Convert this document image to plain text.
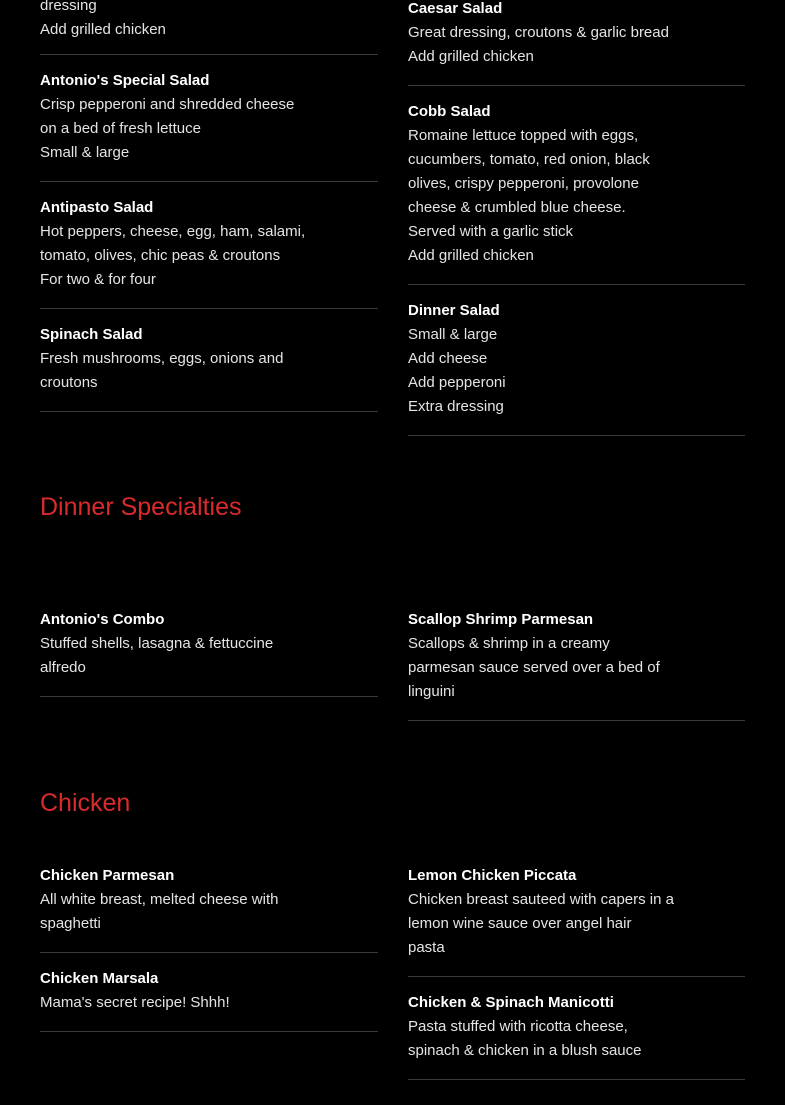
dressing
Add grilled chicken
Antonio's Special Salad
Crisp pepperoni and shredded cheese
on a bed of fresh lettuce
Small & large
Antipasto Salad
Hot peppers, cheese, egg, ham, salami,
tomato, olives, chic peas & croutons
For two & for four
Spinach Salad
Fresh mushrooms, eggs, onions and
croutons
Caesar Salad
Great dressing, croutons & garlic bread
Add grilled chicken
Cobb Salad
Romaine lettuce topped with eggs,
cucumbers, tomato, red onion, black
olives, crispy pepperoni, provolone
cheese & crumbled blue cheese.
Served with a garlic stick
Add grilled chicken
Dinner Salad
Small & large
Add cheese
Add pepperoni
Extra dressing
Dinner Specialties
Antonio's Combo
Stuffed shells, lasagna & fettuccine
alfredo
Scallop Shrimp Parmesan
Scallops & shrimp in a creamy
parmesan sauce served over a bed of
linguini
Chicken
Chicken Parmesan
All white breast, melted cheese with
spaghetti
Chicken Marsala
Mama's secret recipe! Shhh!
Lemon Chicken Piccata
Chicken breast sauteed with capers in a
lemon wine sauce over angel hair
pasta
Chicken & Spinach Manicotti
Pasta stuffed with ricotta cheese,
spinach & chicken in a blush sauce
